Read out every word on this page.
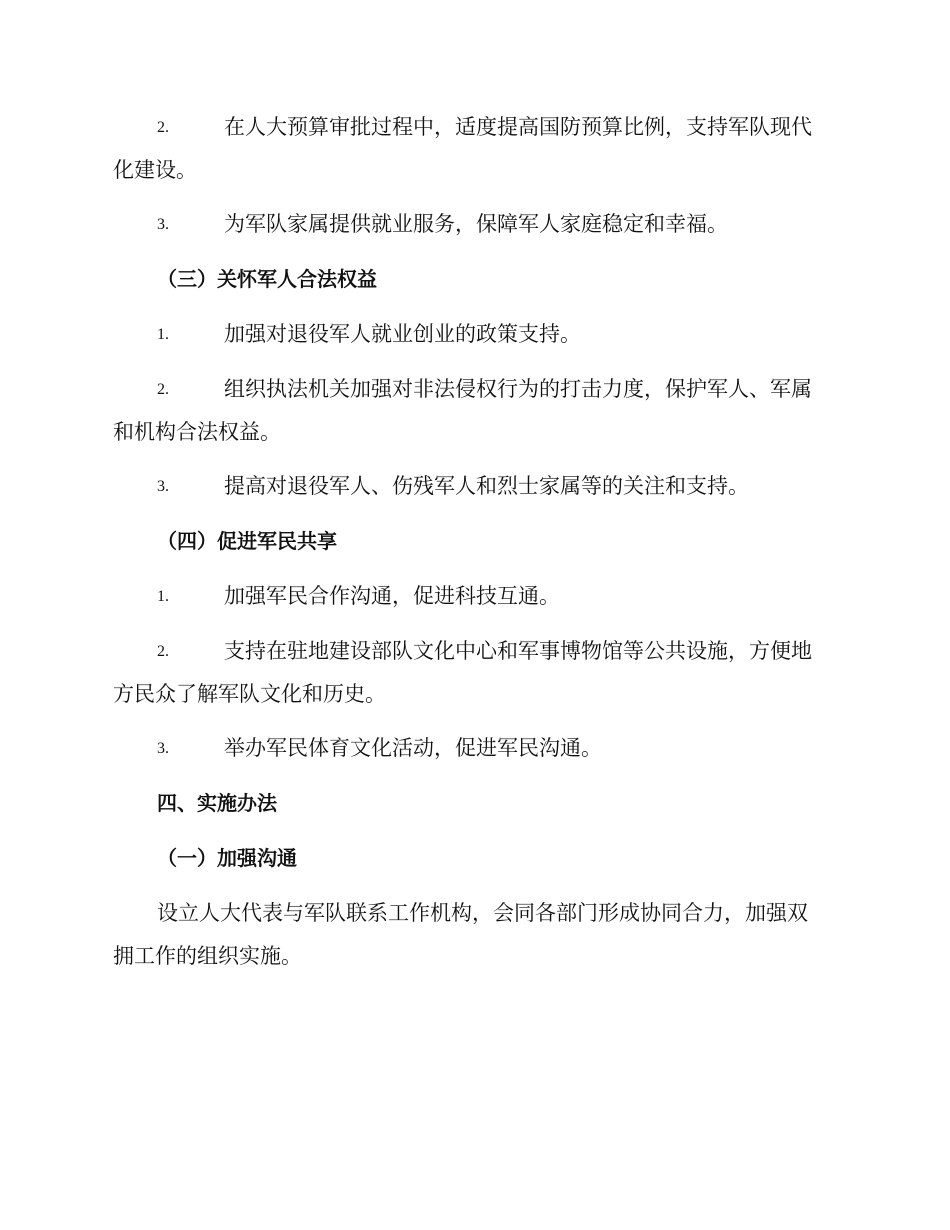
2.	在人大预算审批过程中，适度提高国防预算比例，支持军队现代
化建设。
3.	为军队家属提供就业服务，保障军人家庭稳定和幸福。
（三）关怀军人合法权益
1.	加强对退役军人就业创业的政策支持。
2.	组织执法机关加强对非法侵权行为的打击力度，保护军人、军属
和机构合法权益。
3.	提高对退役军人、伤残军人和烈士家属等的关注和支持。
（四）促进军民共享
1.	加强军民合作沟通，促进科技互通。
2.	支持在驻地建设部队文化中心和军事博物馆等公共设施，方便地
方民众了解军队文化和历史。
3.	举办军民体育文化活动，促进军民沟通。
四、实施办法
（一）加强沟通
设立人大代表与军队联系工作机构，会同各部门形成协同合力，加强双
拥工作的组织实施。
